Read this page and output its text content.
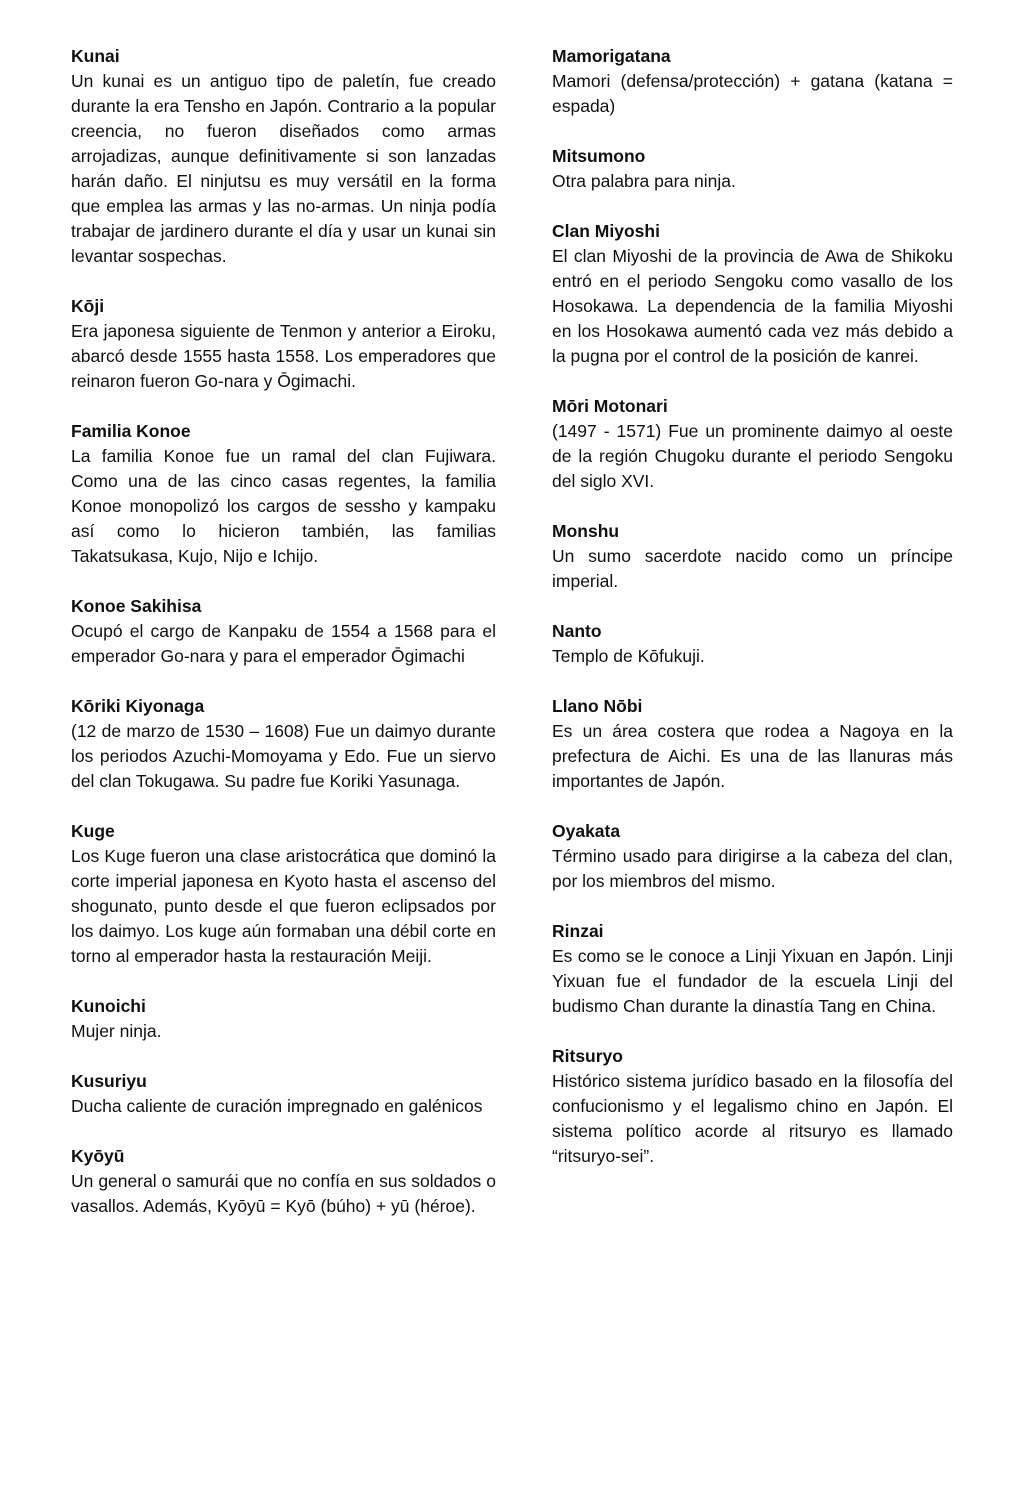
Kunai

Un kunai es un antiguo tipo de paletín, fue creado durante la era Tensho en Japón. Contrario a la popular creencia, no fueron diseñados como armas arrojadizas, aunque definitivamente si son lanzadas harán daño. El ninjutsu es muy versátil en la forma que emplea las armas y las no-armas. Un ninja podía trabajar de jardinero durante el día y usar un kunai sin levantar sospechas.

Kōji

Era japonesa siguiente de Tenmon y anterior a Eiroku, abarcó desde 1555 hasta 1558. Los emperadores que reinaron fueron Go-nara y Ōgimachi.

Familia Konoe

La familia Konoe fue un ramal del clan Fujiwara. Como una de las cinco casas regentes, la familia Konoe monopolizó los cargos de sessho y kampaku así como lo hicieron también, las familias Takatsukasa, Kujo, Nijo e Ichijo.

Konoe Sakihisa

Ocupó el cargo de Kanpaku de 1554 a 1568 para el emperador Go-nara y para el emperador Ōgimachi

Kōriki Kiyonaga

(12 de marzo de 1530 – 1608) Fue un daimyo durante los periodos Azuchi-Momoyama y Edo. Fue un siervo del clan Tokugawa. Su padre fue Koriki Yasunaga.

Kuge

Los Kuge fueron una clase aristocrática que dominó la corte imperial japonesa en Kyoto hasta el ascenso del shogunato, punto desde el que fueron eclipsados por los daimyo. Los kuge aún formaban una débil corte en torno al emperador hasta la restauración Meiji.

Kunoichi

Mujer ninja.

Kusuriyu

Ducha caliente de curación impregnado en galénicos

Kyōyū

Un general o samurái que no confía en sus soldados o vasallos. Además, Kyōyū = Kyō (búho) + yū (héroe).

Mamorigatana

Mamori (defensa/protección) + gatana (katana = espada)

Mitsumono

Otra palabra para ninja.

Clan Miyoshi

El clan Miyoshi de la provincia de Awa de Shikoku entró en el periodo Sengoku como vasallo de los Hosokawa. La dependencia de la familia Miyoshi en los Hosokawa aumentó cada vez más debido a la pugna por el control de la posición de kanrei.

Mōri Motonari

(1497 - 1571) Fue un prominente daimyo al oeste de la región Chugoku durante el periodo Sengoku del siglo XVI.

Monshu

Un sumo sacerdote nacido como un príncipe imperial.

Nanto

Templo de Kōfukuji.

Llano Nōbi

Es un área costera que rodea a Nagoya en la prefectura de Aichi. Es una de las llanuras más importantes de Japón.

Oyakata

Término usado para dirigirse a la cabeza del clan, por los miembros del mismo.

Rinzai

Es como se le conoce a Linji Yixuan en Japón. Linji Yixuan fue el fundador de la escuela Linji del budismo Chan durante la dinastía Tang en China.

Ritsuryo

Histórico sistema jurídico basado en la filosofía del confucionismo y el legalismo chino en Japón. El sistema político acorde al ritsuryo es llamado “ritsuryo-sei”.
